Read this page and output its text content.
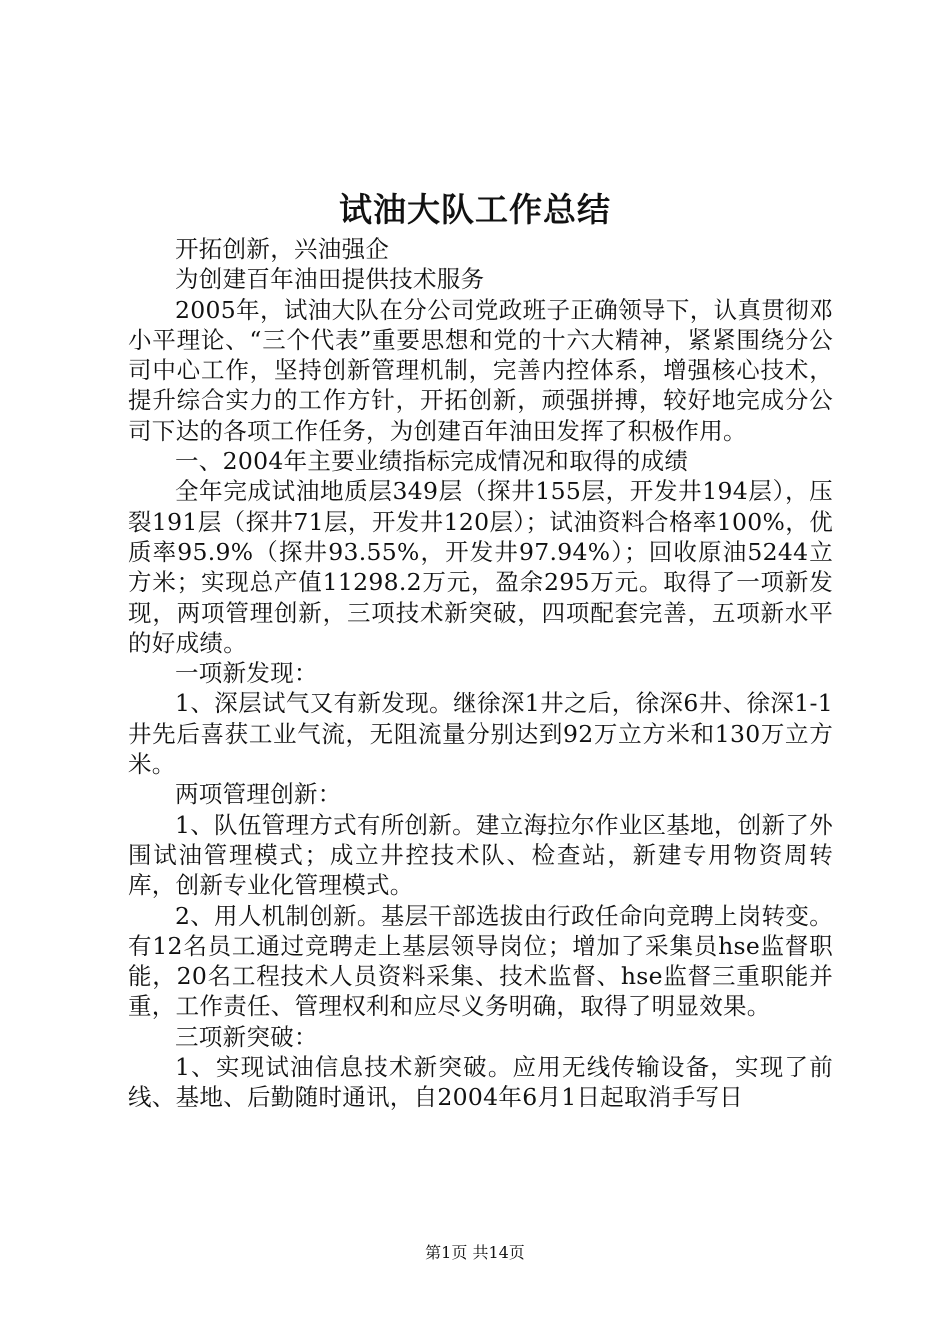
试油大队工作总结

开拓创新，兴油强企

为创建百年油田提供技术服务

2005年，试油大队在分公司党政班子正确领导下，认真贯彻邓小平理论、“三个代表”重要思想和党的十六大精神，紧紧围绕分公司中心工作，坚持创新管理机制，完善内控体系，增强核心技术，提升综合实力的工作方针，开拓创新，顽强拼搏，较好地完成分公司下达的各项工作任务，为创建百年油田发挥了积极作用。

一、2004年主要业绩指标完成情况和取得的成绩

全年完成试油地质层349层（探井155层，开发井194层），压裂191层（探井71层，开发井120层）；试油资料合格率100%，优质率95.9%（探井93.55%，开发井97.94%）；回收原油5244立方米；实现总产值11298.2万元，盈余295万元。取得了一项新发现，两项管理创新，三项技术新突破，四项配套完善，五项新水平的好成绩。

一项新发现：

1、深层试气又有新发现。继徐深1井之后，徐深6井、徐深1-1井先后喜获工业气流，无阻流量分别达到92万立方米和130万立方米。

两项管理创新：

1、队伍管理方式有所创新。建立海拉尔作业区基地，创新了外围试油管理模式；成立井控技术队、检查站，新建专用物资周转库，创新专业化管理模式。

2、用人机制创新。基层干部选拔由行政任命向竞聘上岗转变。有12名员工通过竞聘走上基层领导岗位；增加了采集员hse监督职能，20名工程技术人员资料采集、技术监督、hse监督三重职能并重，工作责任、管理权利和应尽义务明确，取得了明显效果。

三项新突破：

1、实现试油信息技术新突破。应用无线传输设备，实现了前线、基地、后勤随时通讯，自2004年6月1日起取消手写日

第1页 共14页
